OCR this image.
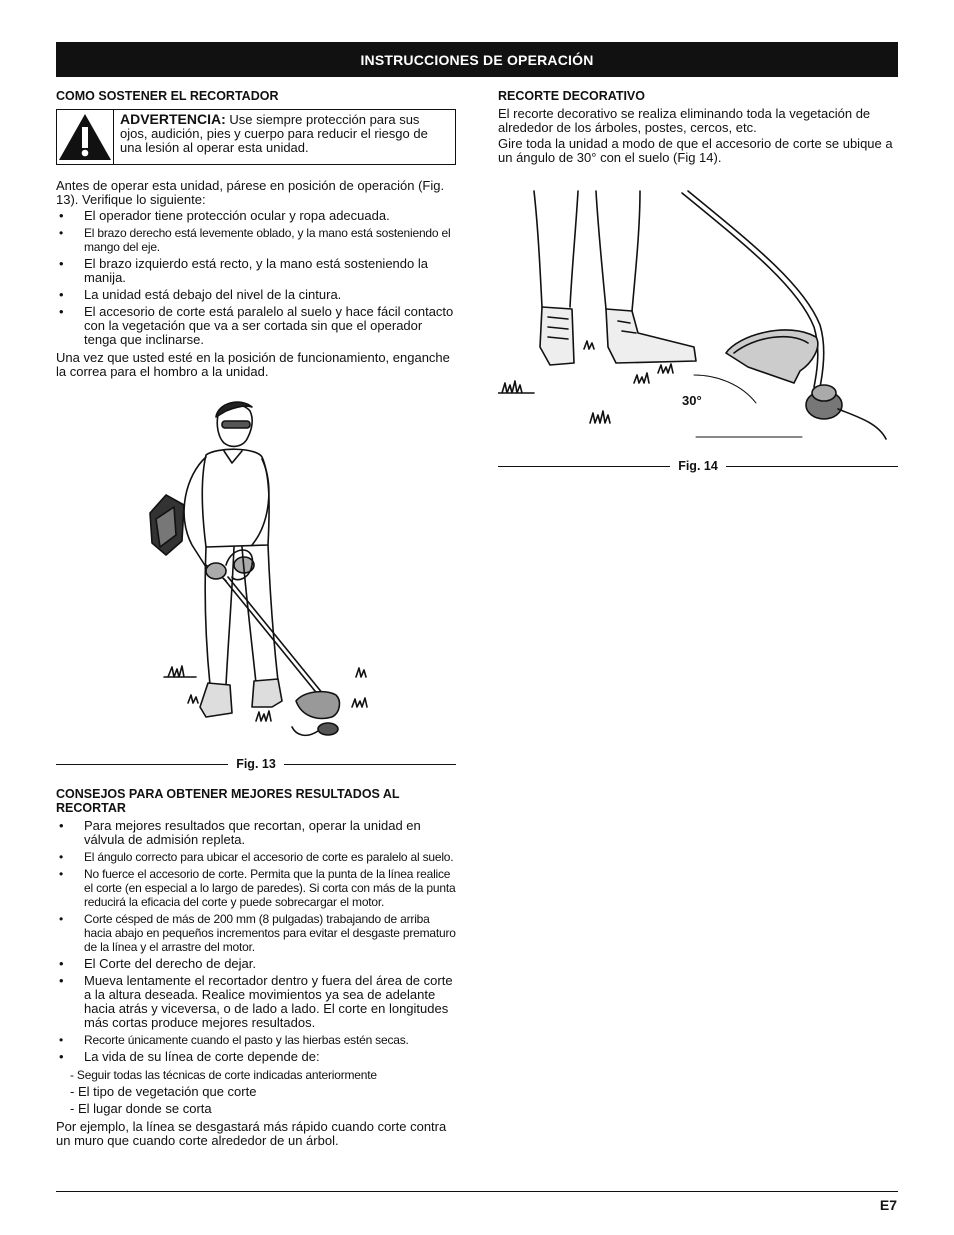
INSTRUCCIONES DE OPERACIÓN
COMO SOSTENER EL RECORTADOR
ADVERTENCIA: Use siempre protección para sus ojos, audición, pies y cuerpo para reducir el riesgo de una lesión al operar esta unidad.

Antes de operar esta unidad, párese en posición de operación (Fig. 13). Verifique lo siguiente:

• El operador tiene protección ocular y ropa adecuada.
• El brazo derecho está levemente oblado, y la mano está sosteniendo el mango del eje.
• El brazo izquierdo está recto, y la mano está sosteniendo la manija.
• La unidad está debajo del nivel de la cintura.
• El accesorio de corte está paralelo al suelo y hace fácil contacto con la vegetación que va a ser cortada sin que el operador tenga que inclinarse.

Una vez que usted esté en la posición de funcionamiento, enganche la correa para el hombro a la unidad.

Fig. 13
CONSEJOS PARA OBTENER MEJORES RESULTADOS AL RECORTAR
• Para mejores resultados que recortan, operar la unidad en válvula de admisión repleta.
• El ángulo correcto para ubicar el accesorio de corte es paralelo al suelo.
• No fuerce el accesorio de corte. Permita que la punta de la línea realice el corte (en especial a lo largo de paredes). Si corta con más de la punta reducirá la eficacia del corte y puede sobrecargar el motor.
• Corte césped de más de 200 mm (8 pulgadas) trabajando de arriba hacia abajo en pequeños incrementos para evitar el desgaste prematuro de la línea y el arrastre del motor.
• El Corte del derecho de dejar.
• Mueva lentamente el recortador dentro y fuera del área de corte a la altura deseada. Realice movimientos ya sea de adelante hacia atrás y viceversa, o de lado a lado. El corte en longitudes más cortas produce mejores resultados.
• Recorte únicamente cuando el pasto y las hierbas estén secas.
• La vida de su línea de corte depende de:
- Seguir todas las técnicas de corte indicadas anteriormente
- El tipo de vegetación que corte
- El lugar donde se corta

Por ejemplo, la línea se desgastará más rápido cuando corte contra un muro que cuando corte alrededor de un árbol.

RECORTE DECORATIVO

El recorte decorativo se realiza eliminando toda la vegetación de alrededor de los árboles, postes, cercos, etc.

Gire toda la unidad a modo de que el accesorio de corte se ubique a un ángulo de 30° con el suelo (Fig 14).

30°
Fig. 14
E7
